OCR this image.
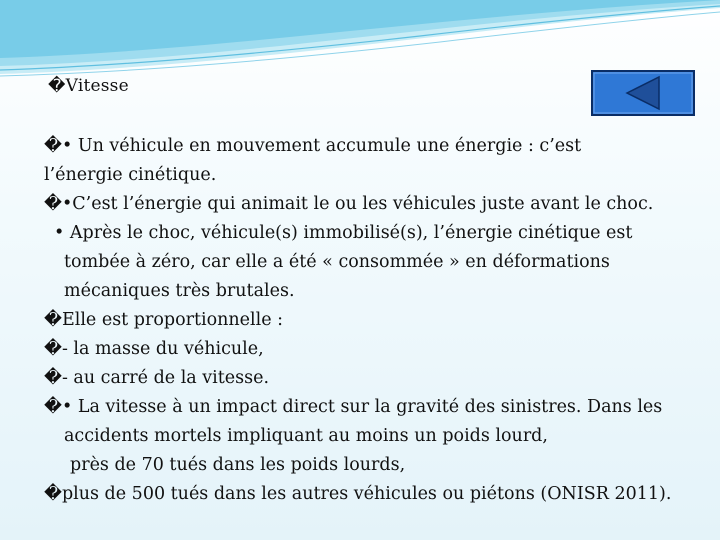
�Vitesse
�• Un véhicule en mouvement accumule une énergie : c’est
l’énergie cinétique.
�•C’est l’énergie qui animait le ou les véhicules juste avant le choc.
• Après le choc, véhicule(s) immobilisé(s), l’énergie cinétique est
tombée à zéro, car elle a été « consommée » en déformations
mécaniques très brutales.
�Elle est proportionnelle :
�- la masse du véhicule,
�- au carré de la vitesse.
�• La vitesse à un impact direct sur la gravité des sinistres. Dans les
accidents mortels impliquant au moins un poids lourd,
près de 70 tués dans les poids lourds,
�plus de 500 tués dans les autres véhicules ou piétons (ONISR 2011).
